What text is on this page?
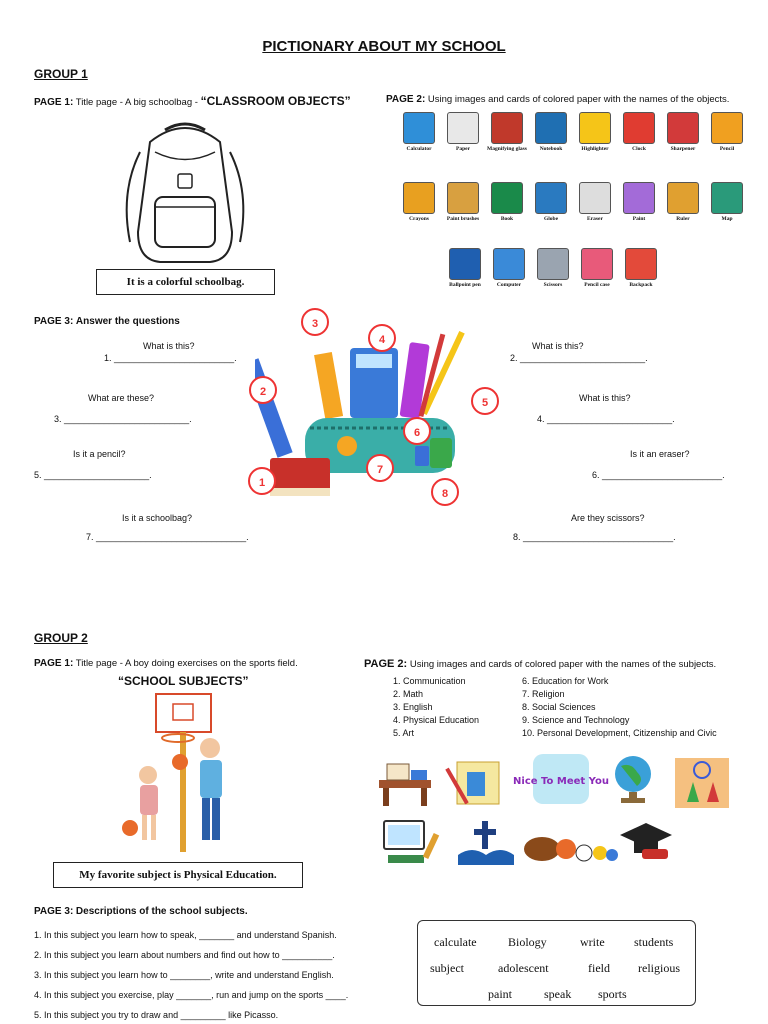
PICTIONARY ABOUT MY SCHOOL
GROUP 1
PAGE 1: Title page - A big schoolbag - “CLASSROOM OBJECTS”
It is a colorful schoolbag.
PAGE 2: Using images and cards of colored paper with the names of the objects.
Calculator	Paper	Magnifying glass	Notebook	Highlighter	Clock	Sharpener	Pencil
Crayons	Paint brushes	Book	Globe	Eraser	Paint	Ruler	Map
Ballpoint pen	Computer	Scissors	Pencil case	Backpack
PAGE 3: Answer the questions
What is this?
1. ________________________.
What are these?
3. _________________________.
Is it a pencil?
5. _____________________.
Is it a schoolbag?
7. ______________________________.
What is this?
2. _________________________.
What is this?
4. _________________________.
Is it an eraser?
6. ________________________.
Are they scissors?
8. ______________________________.
1
2
3
4
5
6
7
8
GROUP 2
PAGE 1: Title page - A boy doing exercises on the sports field.
“SCHOOL SUBJECTS”
My favorite subject is Physical Education.
PAGE 2: Using images and cards of colored paper with the names of the subjects.
1. Communication
2. Math
3. English
4. Physical Education
5. Art
6. Education for Work
7. Religion
8. Social Sciences
9. Science and Technology
10. Personal Development, Citizenship and Civic
Nice To Meet You
PAGE 3: Descriptions of the school subjects.
1. In this subject you learn how to speak, _______ and understand Spanish.
2. In this subject you learn about numbers and find out how to __________.
3. In this subject you learn how to ________, write and understand English.
4. In this subject you exercise, play _______, run and jump on the sports ____.
5. In this subject you try to draw and _________ like Picasso.
calculate	Biology	write students
subject	adolescent	field religious
paint	speak sports
